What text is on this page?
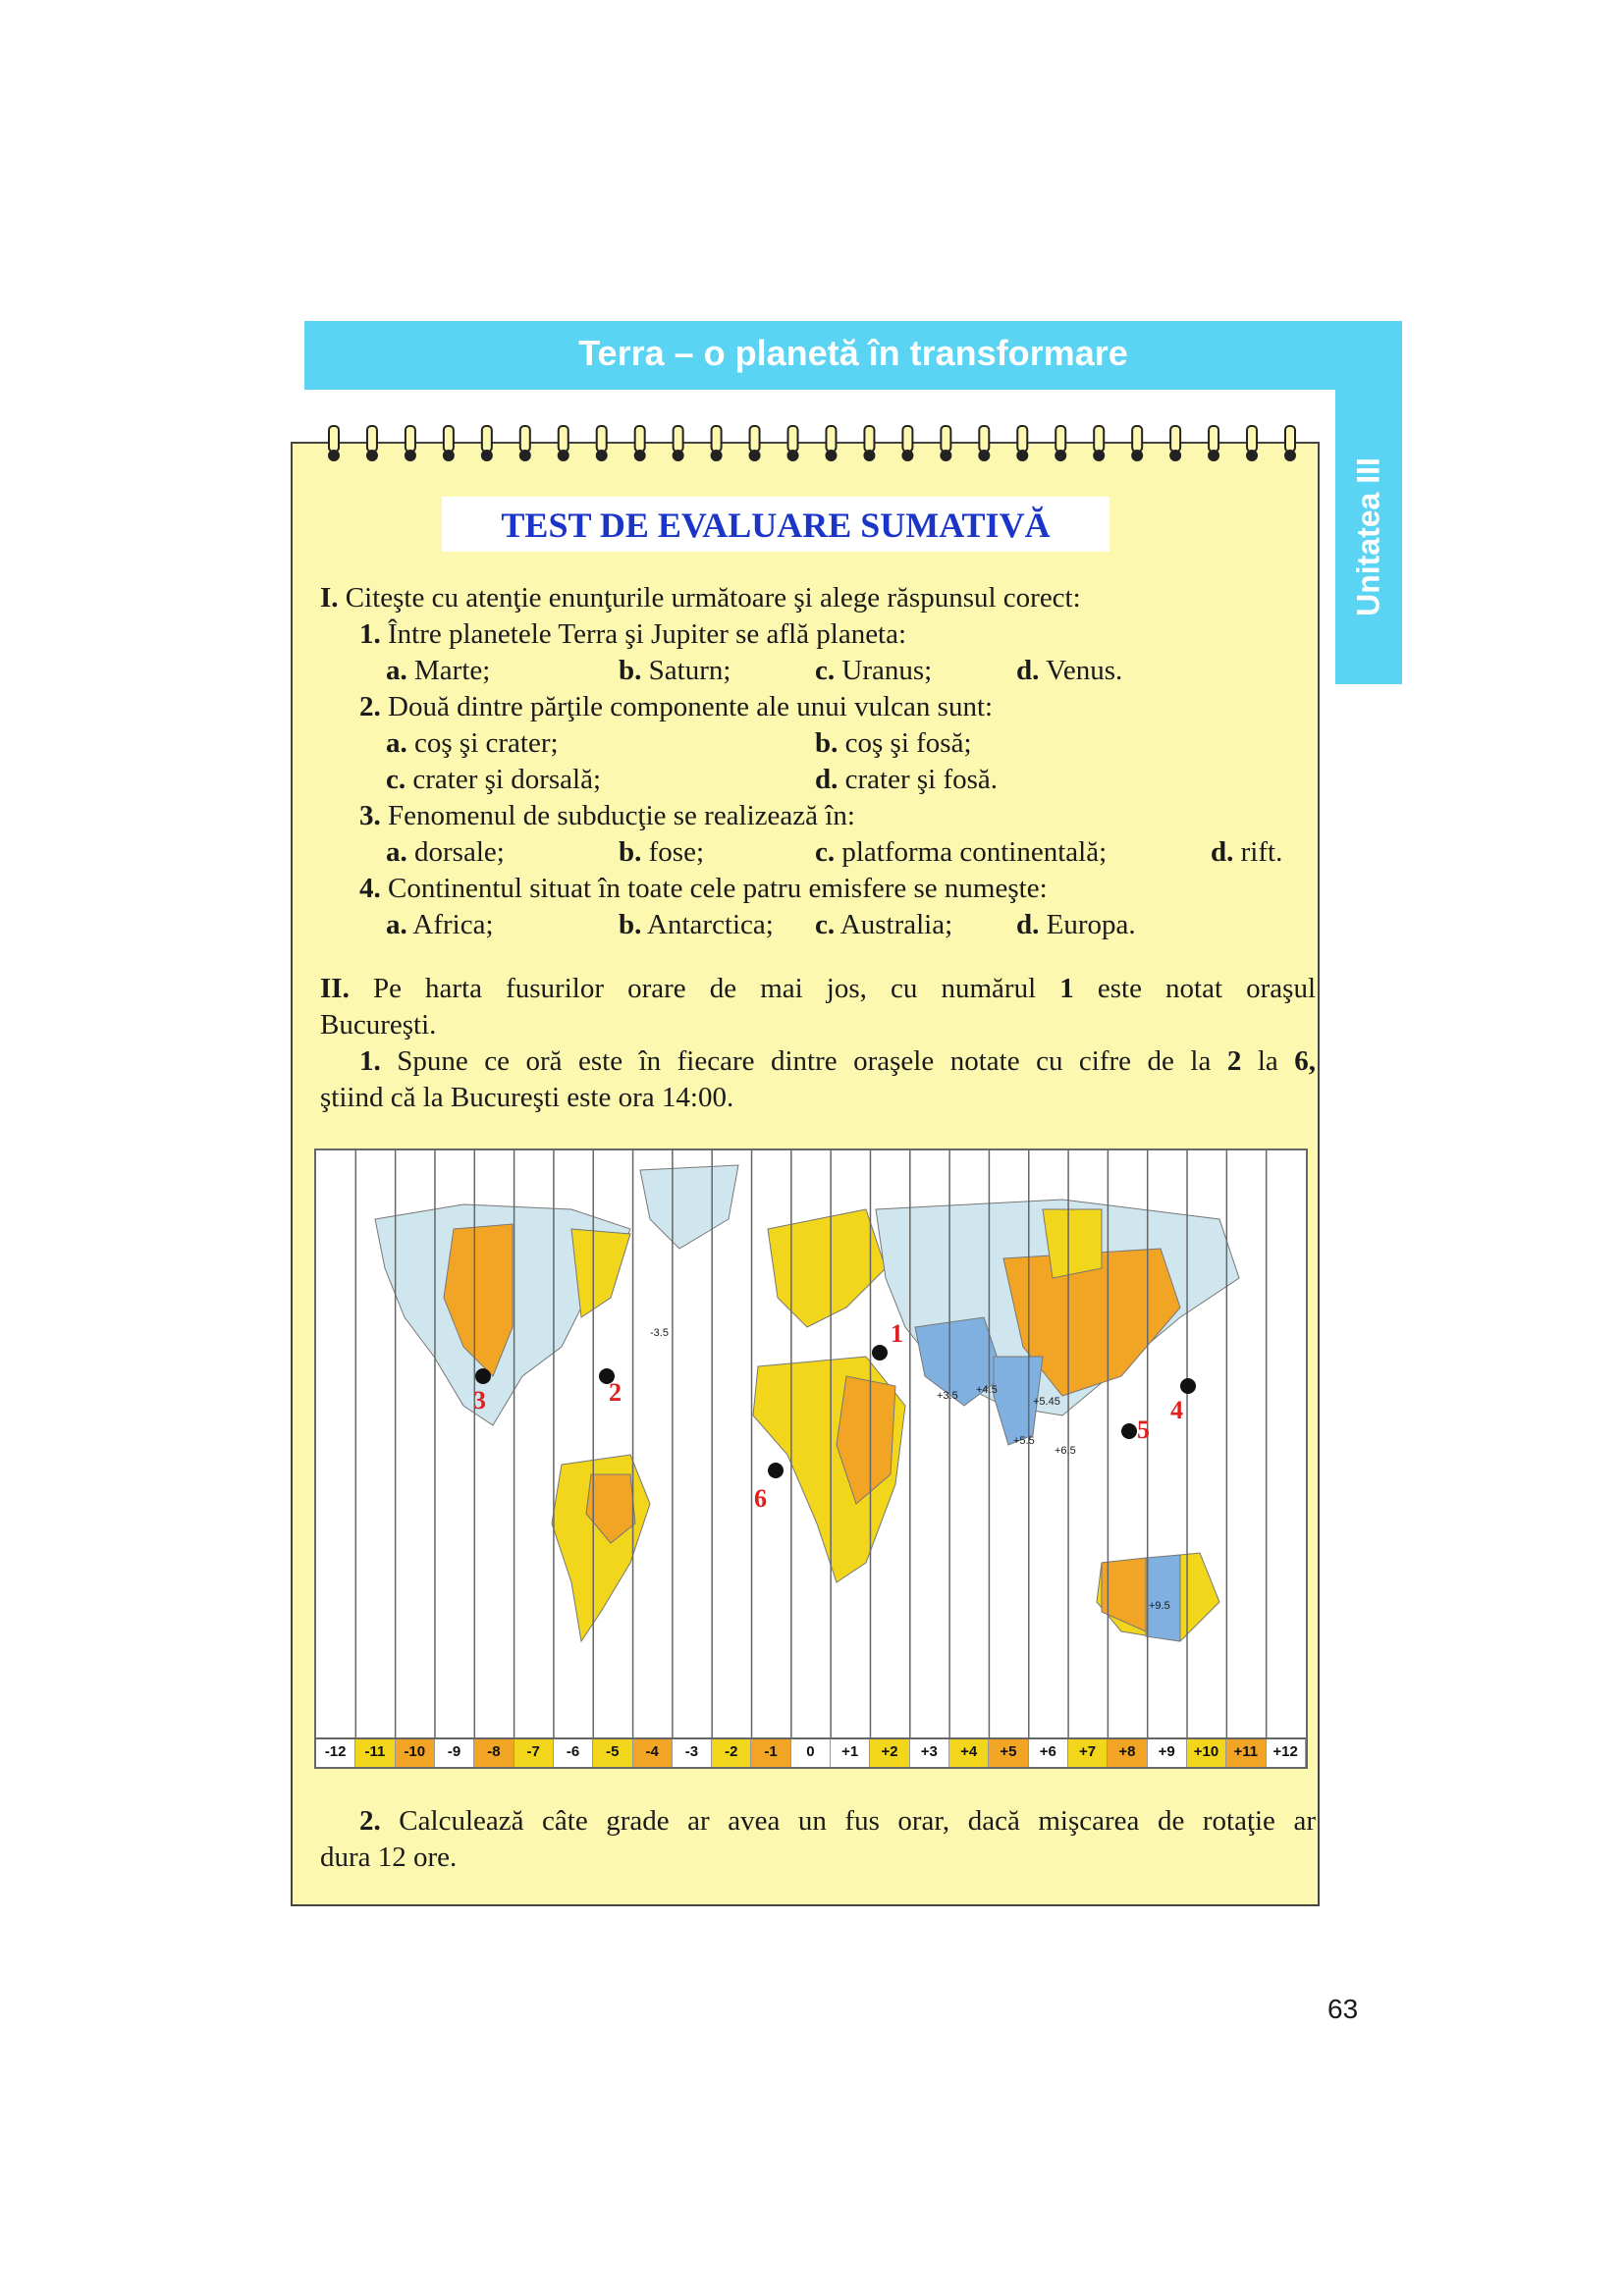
Terra – o planetă în transformare
Unitatea III
TEST DE EVALUARE SUMATIVĂ
I. Citeşte cu atenţie enunţurile următoare şi alege răspunsul corect:
1. Între planetele Terra şi Jupiter se află planeta:
a. Marte;	b. Saturn;	c. Uranus;	d. Venus.
2. Două dintre părţile componente ale unui vulcan sunt:
a. coş şi crater;	b. coş şi fosă;
c. crater şi dorsală;	d. crater şi fosă.
3. Fenomenul de subducţie se realizează în:
a. dorsale;	b. fose;	c. platforma continentală;	d. rift.
4. Continentul situat în toate cele patru emisfere se numeşte:
a. Africa;	b. Antarctica; c. Australia; d. Europa.
II. Pe harta fusurilor orare de mai jos, cu numărul 1 este notat oraşul
Bucureşti.
1. Spune ce oră este în fiecare dintre oraşele notate cu cifre de la 2 la 6,
ştiind că la Bucureşti este ora 14:00.
1
2
3	4
5
6
+3.5 +4.5
+5.45
+5.5
+6.5
+9.5
-3.5
-12	-11	-10	-9	-8	-7	-6	-5	-4	-3	-2	-1	0	+1	+2	+3	+4	+5	+6	+7	+8	+9	+10	+11	+12
2. Calculează câte grade ar avea un fus orar, dacă mişcarea de rotaţie ar
dura 12 ore.
63
